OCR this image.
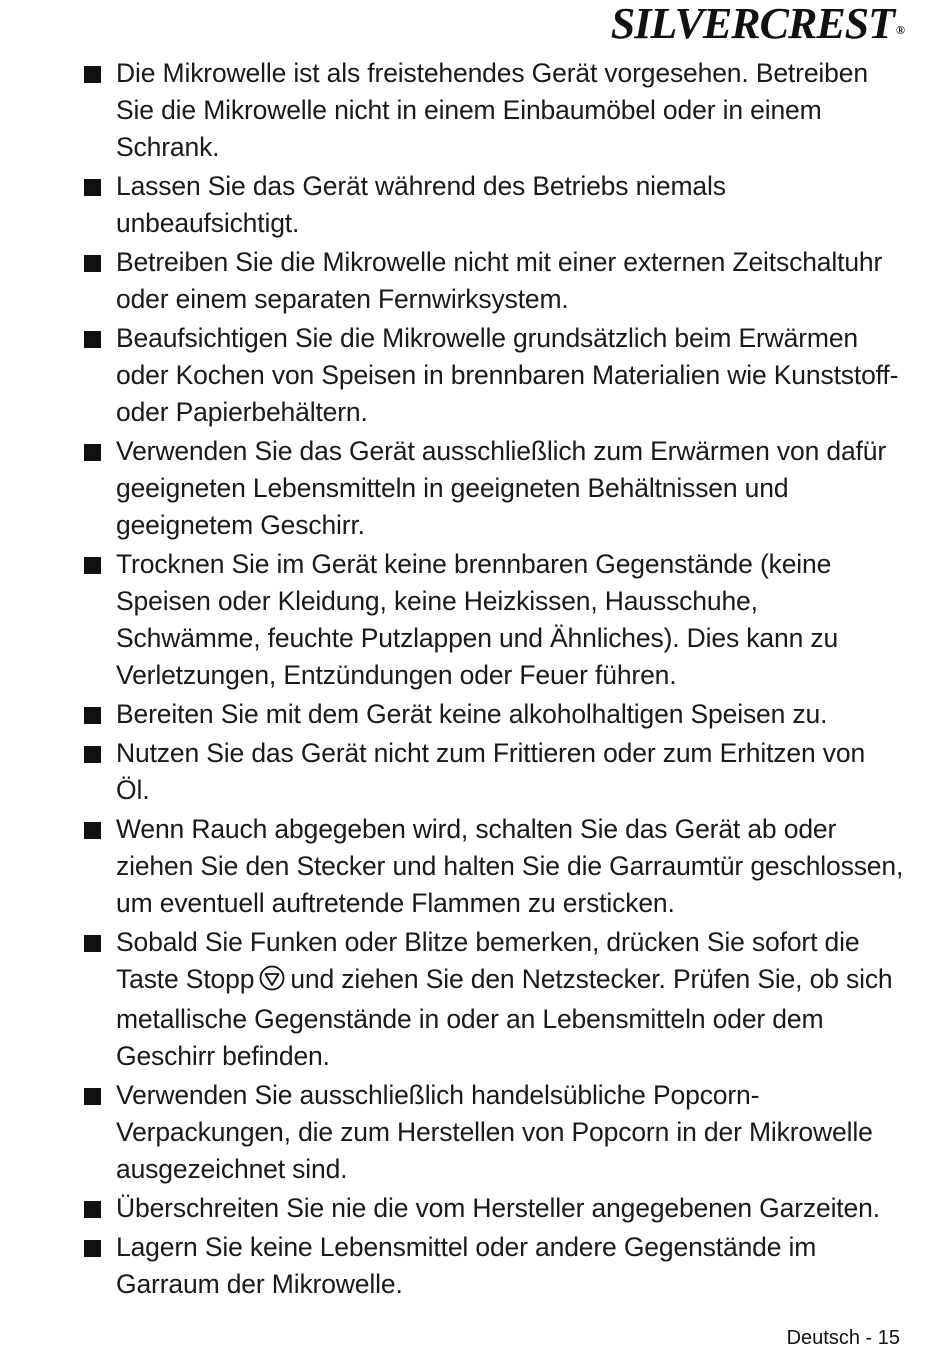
SILVERCREST ®
Die Mikrowelle ist als freistehendes Gerät vorgesehen. Betreiben Sie die Mikrowelle nicht in einem Einbaumöbel oder in einem Schrank.
Lassen Sie das Gerät während des Betriebs niemals unbeaufsichtigt.
Betreiben Sie die Mikrowelle nicht mit einer externen Zeitschaltuhr oder einem separaten Fernwirksystem.
Beaufsichtigen Sie die Mikrowelle grundsätzlich beim Erwärmen oder Kochen von Speisen in brennbaren Materialien wie Kunststoff- oder Papierbehältern.
Verwenden Sie das Gerät ausschließlich zum Erwärmen von dafür geeigneten Lebensmitteln in geeigneten Behältnissen und geeignetem Geschirr.
Trocknen Sie im Gerät keine brennbaren Gegenstände (keine Speisen oder Kleidung, keine Heizkissen, Hausschuhe, Schwämme, feuchte Putzlappen und Ähnliches). Dies kann zu Verletzungen, Entzündungen oder Feuer führen.
Bereiten Sie mit dem Gerät keine alkoholhaltigen Speisen zu.
Nutzen Sie das Gerät nicht zum Frittieren oder zum Erhitzen von Öl.
Wenn Rauch abgegeben wird, schalten Sie das Gerät ab oder ziehen Sie den Stecker und halten Sie die Garraumtür geschlossen, um eventuell auftretende Flammen zu ersticken.
Sobald Sie Funken oder Blitze bemerken, drücken Sie sofort die Taste Stopp und ziehen Sie den Netzstecker. Prüfen Sie, ob sich metallische Gegenstände in oder an Lebensmitteln oder dem Geschirr befinden.
Verwenden Sie ausschließlich handelsübliche Popcorn-Verpackungen, die zum Herstellen von Popcorn in der Mikrowelle ausgezeichnet sind.
Überschreiten Sie nie die vom Hersteller angegebenen Garzeiten.
Lagern Sie keine Lebensmittel oder andere Gegenstände im Garraum der Mikrowelle.
Deutsch - 15
